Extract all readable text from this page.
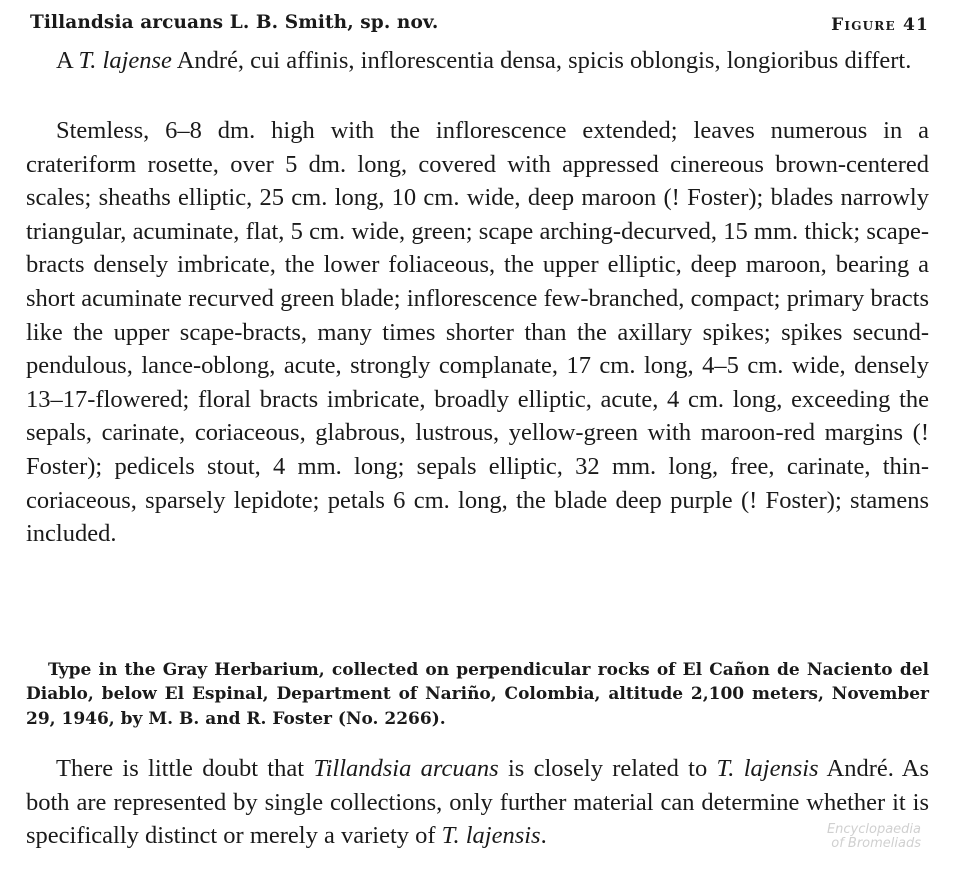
Tillandsia arcuans L. B. Smith, sp. nov.	Figure 41

A T. lajense André, cui affinis, inflorescentia densa, spicis oblongis, longioribus differt.

Stemless, 6–8 dm. high with the inflorescence extended; leaves numerous in a crateriform rosette, over 5 dm. long, covered with appressed cinereous brown-centered scales; sheaths elliptic, 25 cm. long, 10 cm. wide, deep maroon (! Foster); blades narrowly triangular, acuminate, flat, 5 cm. wide, green; scape arching-decurved, 15 mm. thick; scape-bracts densely imbricate, the lower foliaceous, the upper elliptic, deep maroon, bearing a short acuminate recurved green blade; inflorescence few-branched, compact; primary bracts like the upper scape-bracts, many times shorter than the axillary spikes; spikes secund-pendulous, lance-oblong, acute, strongly complanate, 17 cm. long, 4–5 cm. wide, densely 13–17-flowered; floral bracts imbricate, broadly elliptic, acute, 4 cm. long, exceeding the sepals, carinate, coriaceous, glabrous, lustrous, yellow-green with maroon-red margins (! Foster); pedicels stout, 4 mm. long; sepals elliptic, 32 mm. long, free, carinate, thin-coriaceous, sparsely lepidote; petals 6 cm. long, the blade deep purple (! Foster); stamens included.

Type in the Gray Herbarium, collected on perpendicular rocks of El Cañon de Naciento del Diablo, below El Espinal, Department of Nariño, Colombia, altitude 2,100 meters, November 29, 1946, by M. B. and R. Foster (No. 2266).

There is little doubt that Tillandsia arcuans is closely related to T. lajensis André. As both are represented by single collections, only further material can determine whether it is specifically distinct or merely a variety of T. lajensis.	Encyclopaedia
of Bromeliads
